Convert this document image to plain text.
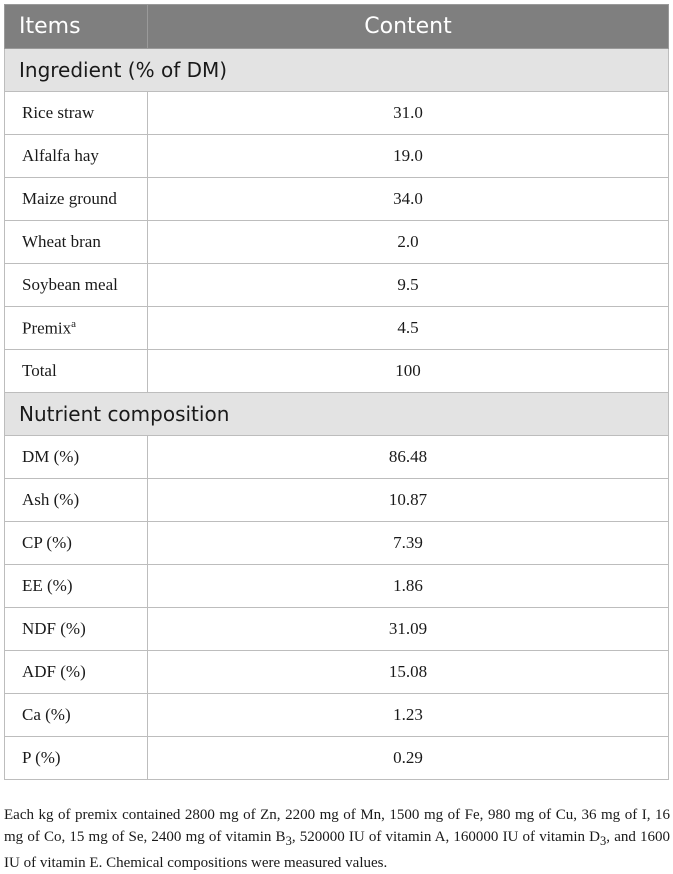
Items	Content
Ingredient (% of DM)	
Rice straw	31.0
Alfalfa hay	19.0
Maize ground	34.0
Wheat bran	2.0
Soybean meal	9.5
Premix$^a$	4.5
Total	100
Nutrient composition	
DM (%)	86.48
Ash (%)	10.87
CP (%)	7.39
EE (%)	1.86
NDF (%)	31.09
ADF (%)	15.08
Ca (%)	1.23
P (%)	0.29

Each kg of premix contained 2800 mg of Zn, 2200 mg of Mn, 1500 mg of Fe, 980 mg of Cu, 36 mg of I, 16 mg of Co, 15 mg of Se, 2400 mg of vitamin $B_3$, 520000 IU of vitamin A, 160000 IU of vitamin $D_3$, and 1600 IU of vitamin E. Chemical compositions were measured values.
